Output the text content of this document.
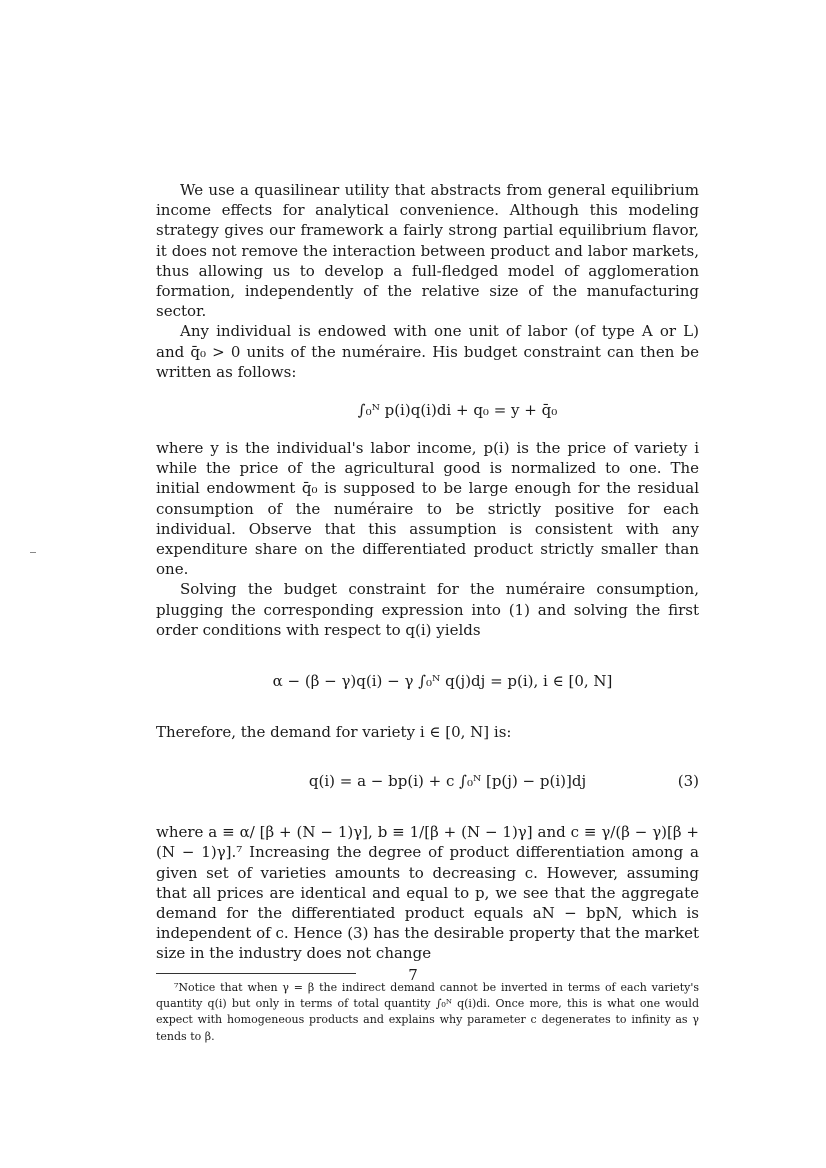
We use a quasilinear utility that abstracts from general equilibrium income effects for analytical convenience. Although this modeling strategy gives our framework a fairly strong partial equilibrium flavor, it does not remove the interaction between product and labor markets, thus allowing us to develop a full-fledged model of agglomeration formation, independently of the relative size of the manufacturing sector.

Any individual is endowed with one unit of labor (of type A or L) and q̄₀ > 0 units of the numéraire. His budget constraint can then be written as follows:

∫₀ᴺ p(i)q(i)di + q₀ = y + q̄₀

where y is the individual's labor income, p(i) is the price of variety i while the price of the agricultural good is normalized to one. The initial endowment q̄₀ is supposed to be large enough for the residual consumption of the numéraire to be strictly positive for each individual. Observe that this assumption is consistent with any expenditure share on the differentiated product strictly smaller than one.

Solving the budget constraint for the numéraire consumption, plugging the corresponding expression into (1) and solving the first order conditions with respect to q(i) yields

α − (β − γ)q(i) − γ ∫₀ᴺ q(j)dj = p(i), i ∈ [0, N]

Therefore, the demand for variety i ∈ [0, N] is:

q(i) = a − bp(i) + c ∫₀ᴺ [p(j) − p(i)]dj	(3)

where a ≡ α/ [β + (N − 1)γ], b ≡ 1/[β + (N − 1)γ] and c ≡ γ/(β − γ)[β + (N − 1)γ].⁷ Increasing the degree of product differentiation among a given set of varieties amounts to decreasing c. However, assuming that all prices are identical and equal to p, we see that the aggregate demand for the differentiated product equals aN − bpN, which is independent of c. Hence (3) has the desirable property that the market size in the industry does not change

⁷Notice that when γ = β the indirect demand cannot be inverted in terms of each variety's quantity q(i) but only in terms of total quantity ∫₀ᴺ q(i)di. Once more, this is what one would expect with homogeneous products and explains why parameter c degenerates to infinity as γ tends to β.

7
